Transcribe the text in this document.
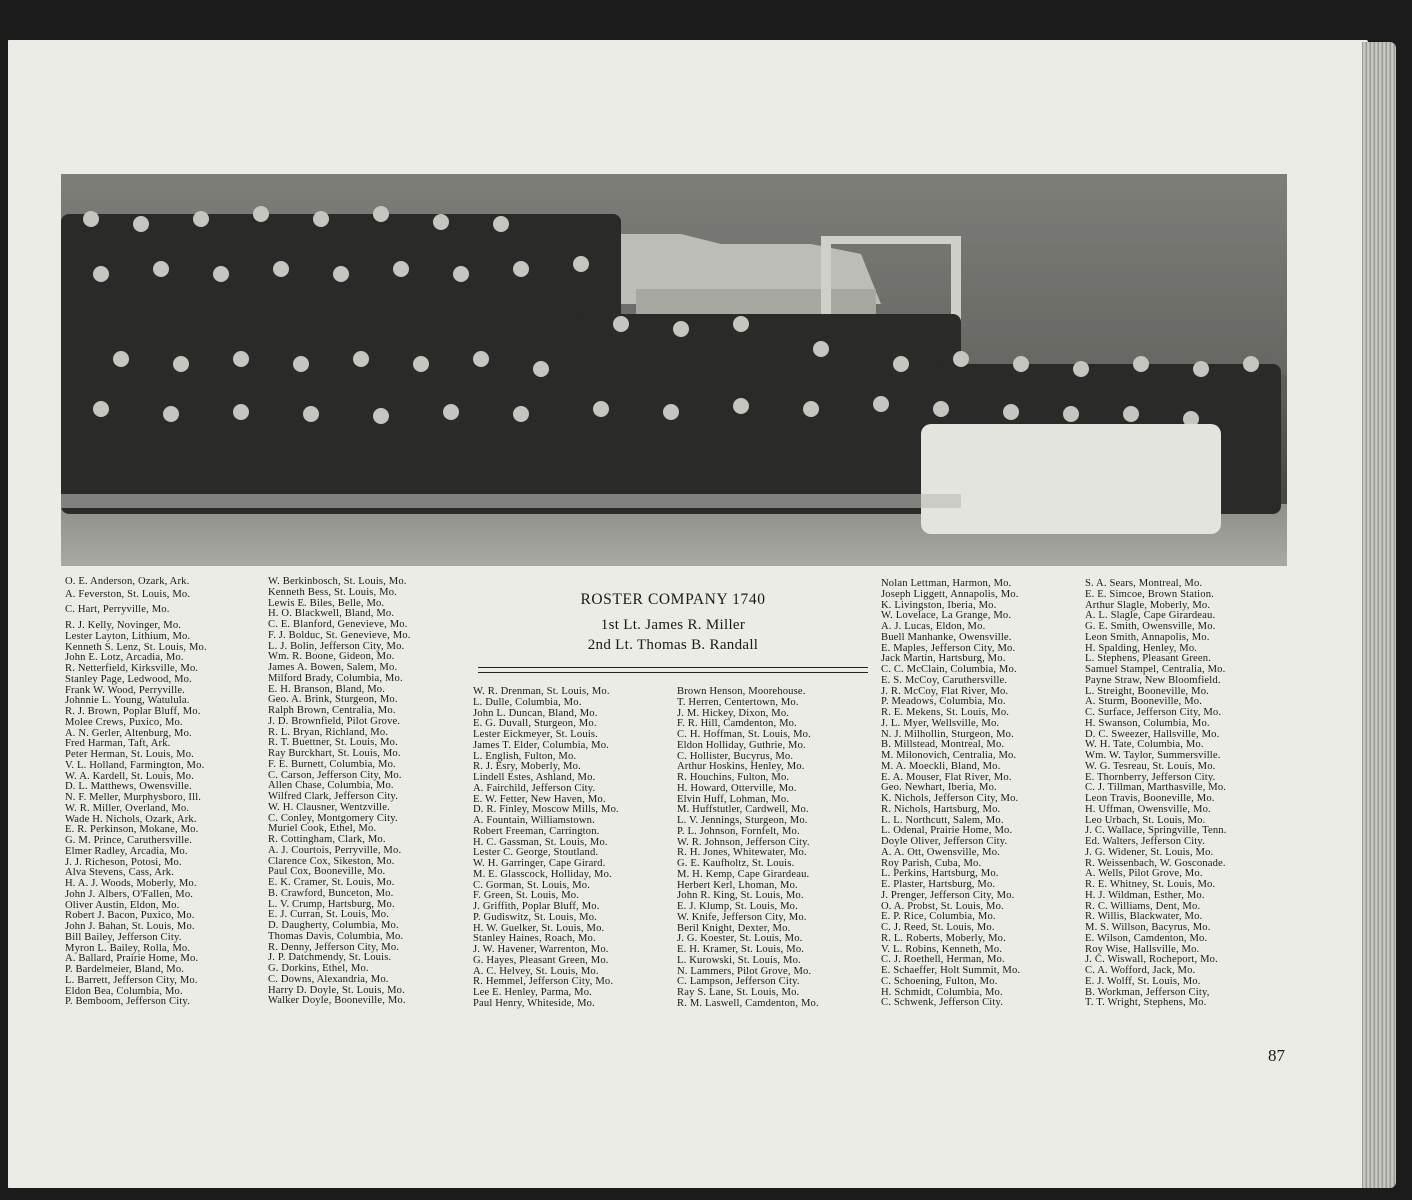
O. E. Anderson, Ozark, Ark.
A. Feverston, St. Louis, Mo.
C. Hart, Perryville, Mo.
R. J. Kelly, Novinger, Mo.
Lester Layton, Lithium, Mo.
Kenneth S. Lenz, St. Louis, Mo.
John E. Lotz, Arcadia, Mo.
R. Netterfield, Kirksville, Mo.
Stanley Page, Ledwood, Mo.
Frank W. Wood, Perryville.
Johnnie L. Young, Watulula.
R. J. Brown, Poplar Bluff, Mo.
Molee Crews, Puxico, Mo.
A. N. Gerler, Altenburg, Mo.
Fred Harman, Taft, Ark.
Peter Herman, St. Louis, Mo.
V. L. Holland, Farmington, Mo.
W. A. Kardell, St. Louis, Mo.
D. L. Matthews, Owensville.
N. F. Meller, Murphysboro, Ill.
W. R. Miller, Overland, Mo.
Wade H. Nichols, Ozark, Ark.
E. R. Perkinson, Mokane, Mo.
G. M. Prince, Caruthersville.
Elmer Radley, Arcadia, Mo.
J. J. Richeson, Potosi, Mo.
Alva Stevens, Cass, Ark.
H. A. J. Woods, Moberly, Mo.
John J. Albers, O'Fallen, Mo.
Oliver Austin, Eldon, Mo.
Robert J. Bacon, Puxico, Mo.
John J. Bahan, St. Louis, Mo.
Bill Bailey, Jefferson City.
Myron L. Bailey, Rolla, Mo.
A. Ballard, Prairie Home, Mo.
P. Bardelmeier, Bland, Mo.
L. Barrett, Jefferson City, Mo.
Eldon Bea, Columbia, Mo.
P. Bemboom, Jefferson City.
W. Berkinbosch, St. Louis, Mo.
Kenneth Bess, St. Louis, Mo.
Lewis E. Biles, Belle, Mo.
H. O. Blackwell, Bland, Mo.
C. E. Blanford, Genevieve, Mo.
F. J. Bolduc, St. Genevieve, Mo.
L. J. Bolin, Jefferson City, Mo.
Wm. R. Boone, Gideon, Mo.
James A. Bowen, Salem, Mo.
Milford Brady, Columbia, Mo.
E. H. Branson, Bland, Mo.
Geo. A. Brink, Sturgeon, Mo.
Ralph Brown, Centralia, Mo.
J. D. Brownfield, Pilot Grove.
R. L. Bryan, Richland, Mo.
R. T. Buettner, St. Louis, Mo.
Ray Burckhart, St. Louis, Mo.
F. E. Burnett, Columbia, Mo.
C. Carson, Jefferson City, Mo.
Allen Chase, Columbia, Mo.
Wilfred Clark, Jefferson City.
W. H. Clausner, Wentzville.
C. Conley, Montgomery City.
Muriel Cook, Ethel, Mo.
R. Cottingham, Clark, Mo.
A. J. Courtois, Perryville, Mo.
Clarence Cox, Sikeston, Mo.
Paul Cox, Booneville, Mo.
E. K. Cramer, St. Louis, Mo.
B. Crawford, Bunceton, Mo.
L. V. Crump, Hartsburg, Mo.
E. J. Curran, St. Louis, Mo.
D. Daugherty, Columbia, Mo.
Thomas Davis, Columbia, Mo.
R. Denny, Jefferson City, Mo.
J. P. Datchmendy, St. Louis.
G. Dorkins, Ethel, Mo.
C. Downs, Alexandria, Mo.
Harry D. Doyle, St. Louis, Mo.
Walker Doyle, Booneville, Mo.
ROSTER COMPANY 1740
1st Lt. James R. Miller
2nd Lt. Thomas B. Randall
W. R. Drenman, St. Louis, Mo.
L. Dulle, Columbia, Mo.
John L. Duncan, Bland, Mo.
E. G. Duvall, Sturgeon, Mo.
Lester Eickmeyer, St. Louis.
James T. Elder, Columbia, Mo.
L. English, Fulton, Mo.
R. J. Esry, Moberly, Mo.
Lindell Estes, Ashland, Mo.
A. Fairchild, Jefferson City.
E. W. Fetter, New Haven, Mo.
D. R. Finley, Moscow Mills, Mo.
A. Fountain, Williamstown.
Robert Freeman, Carrington.
H. C. Gassman, St. Louis, Mo.
Lester C. George, Stoutland.
W. H. Garringer, Cape Girard.
M. E. Glasscock, Holliday, Mo.
C. Gorman, St. Louis, Mo.
F. Green, St. Louis, Mo.
J. Griffith, Poplar Bluff, Mo.
P. Gudiswitz, St. Louis, Mo.
H. W. Guelker, St. Louis, Mo.
Stanley Haines, Roach, Mo.
J. W. Havener, Warrenton, Mo.
G. Hayes, Pleasant Green, Mo.
A. C. Helvey, St. Louis, Mo.
R. Hemmel, Jefferson City, Mo.
Lee E. Henley, Parma, Mo.
Paul Henry, Whiteside, Mo.
Brown Henson, Moorehouse.
T. Herren, Centertown, Mo.
J. M. Hickey, Dixon, Mo.
F. R. Hill, Camdenton, Mo.
C. H. Hoffman, St. Louis, Mo.
Eldon Holliday, Guthrie, Mo.
C. Hollister, Bucyrus, Mo.
Arthur Hoskins, Henley, Mo.
R. Houchins, Fulton, Mo.
H. Howard, Otterville, Mo.
Elvin Huff, Lohman, Mo.
M. Huffstutler, Cardwell, Mo.
L. V. Jennings, Sturgeon, Mo.
P. L. Johnson, Fornfelt, Mo.
W. R. Johnson, Jefferson City.
R. H. Jones, Whitewater, Mo.
G. E. Kaufholtz, St. Louis.
M. H. Kemp, Cape Girardeau.
Herbert Kerl, Lhoman, Mo.
John R. King, St. Louis, Mo.
E. J. Klump, St. Louis, Mo.
W. Knife, Jefferson City, Mo.
Beril Knight, Dexter, Mo.
J. G. Koester, St. Louis, Mo.
E. H. Kramer, St. Louis, Mo.
L. Kurowski, St. Louis, Mo.
N. Lammers, Pilot Grove, Mo.
C. Lampson, Jefferson City.
Ray S. Lane, St. Louis, Mo.
R. M. Laswell, Camdenton, Mo.
Nolan Lettman, Harmon, Mo.
Joseph Liggett, Annapolis, Mo.
K. Livingston, Iberia, Mo.
W. Lovelace, La Grange, Mo.
A. J. Lucas, Eldon, Mo.
Buell Manhanke, Owensville.
E. Maples, Jefferson City, Mo.
Jack Martin, Hartsburg, Mo.
C. C. McClain, Columbia, Mo.
E. S. McCoy, Caruthersville.
J. R. McCoy, Flat River, Mo.
P. Meadows, Columbia, Mo.
R. E. Mekens, St. Louis, Mo.
J. L. Myer, Wellsville, Mo.
N. J. Milhollin, Sturgeon, Mo.
B. Millstead, Montreal, Mo.
M. Milonovich, Centralia, Mo.
M. A. Moeckli, Bland, Mo.
E. A. Mouser, Flat River, Mo.
Geo. Newhart, Iberia, Mo.
K. Nichols, Jefferson City, Mo.
R. Nichols, Hartsburg, Mo.
L. L. Northcutt, Salem, Mo.
L. Odenal, Prairie Home, Mo.
Doyle Oliver, Jefferson City.
A. A. Ott, Owensville, Mo.
Roy Parish, Cuba, Mo.
L. Perkins, Hartsburg, Mo.
E. Plaster, Hartsburg, Mo.
J. Prenger, Jefferson City, Mo.
O. A. Probst, St. Louis, Mo.
E. P. Rice, Columbia, Mo.
C. J. Reed, St. Louis, Mo.
R. L. Roberts, Moberly, Mo.
V. L. Robins, Kenneth, Mo.
C. J. Roethell, Herman, Mo.
E. Schaeffer, Holt Summit, Mo.
C. Schoening, Fulton, Mo.
H. Schmidt, Columbia, Mo.
C. Schwenk, Jefferson City.
S. A. Sears, Montreal, Mo.
E. E. Simcoe, Brown Station.
Arthur Slagle, Moberly, Mo.
A. L. Slagle, Cape Girardeau.
G. E. Smith, Owensville, Mo.
Leon Smith, Annapolis, Mo.
H. Spalding, Henley, Mo.
L. Stephens, Pleasant Green.
Samuel Stampel, Centralia, Mo.
Payne Straw, New Bloomfield.
L. Streight, Booneville, Mo.
A. Sturm, Booneville, Mo.
C. Surface, Jefferson City, Mo.
H. Swanson, Columbia, Mo.
D. C. Sweezer, Hallsville, Mo.
W. H. Tate, Columbia, Mo.
Wm. W. Taylor, Summersville.
W. G. Tesreau, St. Louis, Mo.
E. Thornberry, Jefferson City.
C. J. Tillman, Marthasville, Mo.
Leon Travis, Booneville, Mo.
H. Uffman, Owensville, Mo.
Leo Urbach, St. Louis, Mo.
J. C. Wallace, Springville, Tenn.
Ed. Walters, Jefferson City.
J. G. Widener, St. Louis, Mo.
R. Weissenbach, W. Gosconade.
A. Wells, Pilot Grove, Mo.
R. E. Whitney, St. Louis, Mo.
H. J. Wildman, Esther, Mo.
R. C. Williams, Dent, Mo.
R. Willis, Blackwater, Mo.
M. S. Willson, Bacyrus, Mo.
E. Wilson, Camdenton, Mo.
Roy Wise, Hallsville, Mo.
J. C. Wiswall, Rocheport, Mo.
C. A. Wofford, Jack, Mo.
E. J. Wolff, St. Louis, Mo.
B. Workman, Jefferson City,
T. T. Wright, Stephens, Mo.
87
